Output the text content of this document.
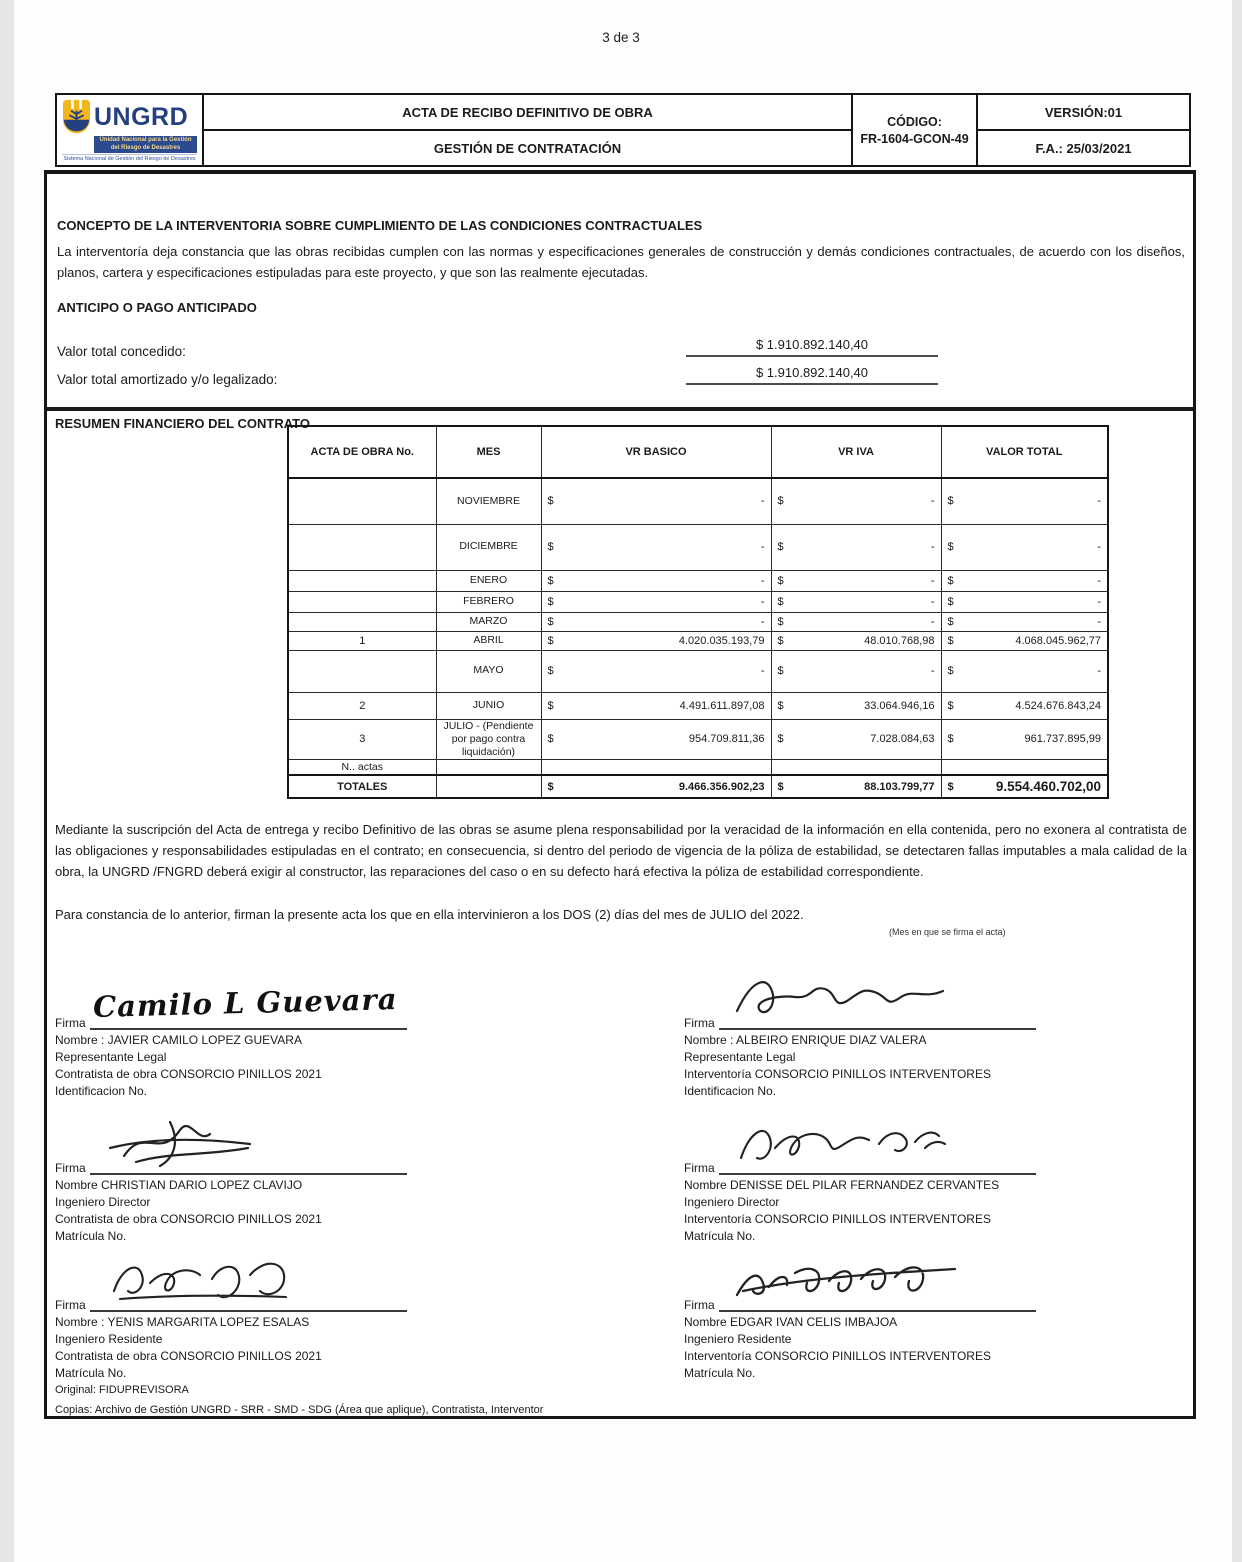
3 de 3
UNGRD
Unidad Nacional para la Gestión del Riesgo de Desastres
Sistema Nacional de Gestión del Riesgo de Desastres
ACTA DE RECIBO DEFINITIVO DE OBRA
GESTIÓN DE CONTRATACIÓN
CÓDIGO:
FR-1604-GCON-49
VERSIÓN:01
F.A.: 25/03/2021
CONCEPTO DE LA INTERVENTORIA SOBRE CUMPLIMIENTO DE LAS CONDICIONES CONTRACTUALES
La interventoría deja constancia que las obras recibidas cumplen con las normas y especificaciones generales de construcción y demás condiciones contractuales, de acuerdo con los diseños, planos, cartera y especificaciones estipuladas para este proyecto, y que son las realmente ejecutadas.
ANTICIPO O PAGO ANTICIPADO
Valor total concedido:	$ 1.910.892.140,40
Valor total amortizado y/o legalizado:	$ 1.910.892.140,40
RESUMEN FINANCIERO DEL CONTRATO
ACTA DE OBRA No.	MES	VR BASICO	VR IVA	VALOR TOTAL
	NOVIEMBRE	$ -	$ -	$ -

	DICIEMBRE	$ -	$ -	$ -

	ENERO	$ -	$ -	$ -

	FEBRERO	$ -	$ -	$ -

	MARZO	$ -	$ -	$ -

1	ABRIL	$ 4.020.035.193,79	$ 48.010.768,98	$ 4.068.045.962,77

	MAYO	$ -	$ -	$ -

2	JUNIO	$ 4.491.611.897,08	$ 33.064.946,16	$ 4.524.676.843,24

3	JULIO - (Pendiente por pago contra liquidación)	$ 954.709.811,36	$ 7.028.084,63	$ 961.737.895,99

N.. actas				
TOTALES		$ 9.466.356.902,23	$ 88.103.799,77	$ 9.554.460.702,00
Mediante la suscripción del Acta de entrega y recibo Definitivo de las obras se asume plena responsabilidad por la veracidad de la información en ella contenida, pero no exonera al contratista de las obligaciones y responsabilidades estipuladas en el contrato; en consecuencia, si dentro del periodo de vigencia de la póliza de estabilidad, se detectaren fallas imputables a mala calidad de la obra, la UNGRD /FNGRD deberá exigir al constructor, las reparaciones del caso o en su defecto hará efectiva la póliza de estabilidad correspondiente.
Para constancia de lo anterior, firman la presente acta los que en ella intervinieron a los DOS (2) días del mes de JULIO del 2022.
(Mes en que se firma el acta)
Camilo L Guevara
Firma
Nombre : JAVIER CAMILO LOPEZ GUEVARA
Representante Legal
Contratista de obra CONSORCIO PINILLOS 2021
Identificacion No.
Firma
Nombre : ALBEIRO ENRIQUE DIAZ VALERA
Representante Legal
Interventoría CONSORCIO PINILLOS INTERVENTORES
Identificacion No.
Firma
Nombre CHRISTIAN DARIO LOPEZ CLAVIJO
Ingeniero Director
Contratista de obra CONSORCIO PINILLOS 2021
Matrícula No.
Firma
Nombre DENISSE DEL PILAR FERNANDEZ CERVANTES
Ingeniero Director
Interventoría CONSORCIO PINILLOS INTERVENTORES
Matrícula No.
Firma
Nombre : YENIS MARGARITA LOPEZ ESALAS
Ingeniero Residente
Contratista de obra CONSORCIO PINILLOS 2021
Matrícula No.
Firma
Nombre EDGAR IVAN CELIS IMBAJOA
Ingeniero Residente
Interventoría CONSORCIO PINILLOS INTERVENTORES
Matrícula No.
Original: FIDUPREVISORA
Copias: Archivo de Gestión UNGRD - SRR - SMD - SDG (Área que aplique), Contratista, Interventor
